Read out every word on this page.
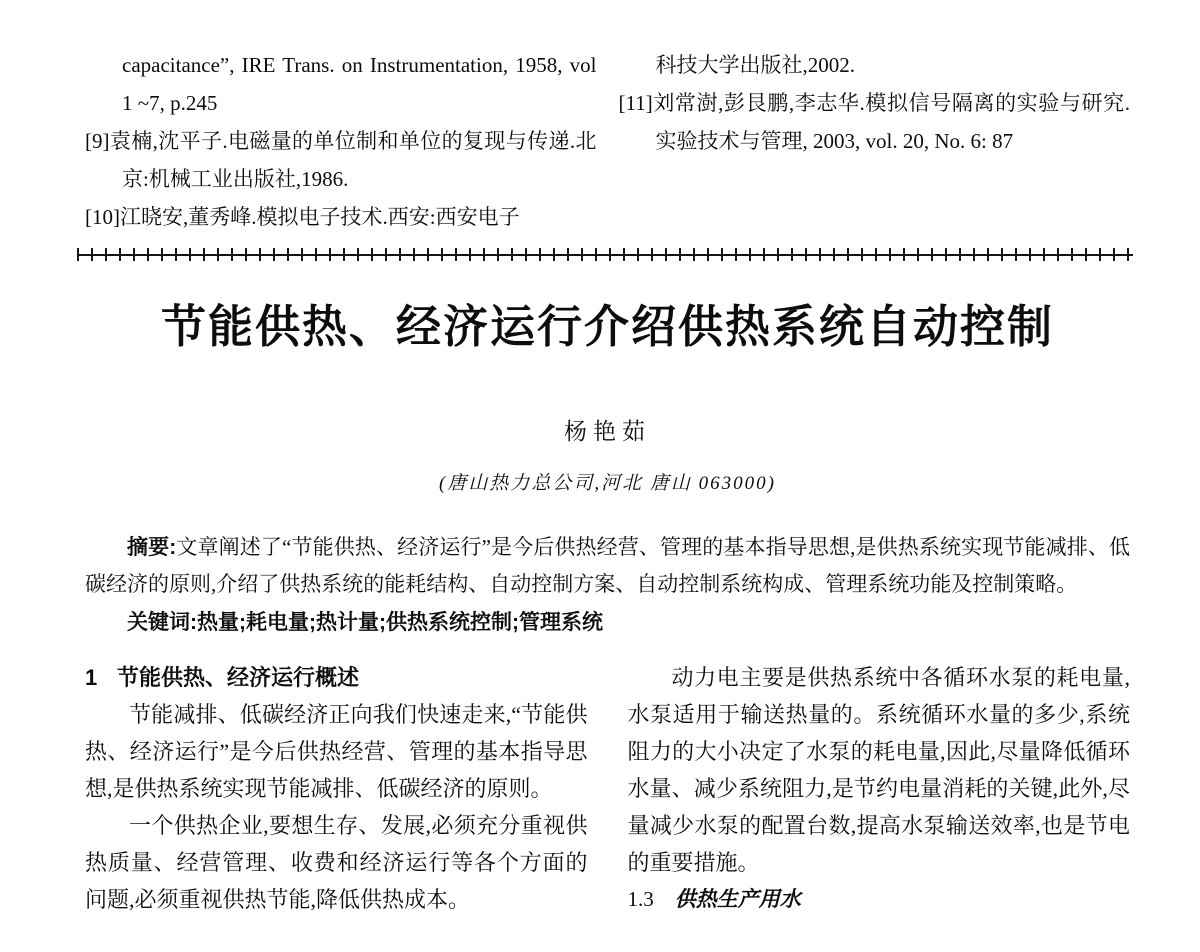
capacitance”, IRE Trans. on Instrumentation, 1958, vol 1 ~7, p.245

[9]袁楠,沈平子.电磁量的单位制和单位的复现与传递.北京:机械工业出版社,1986.

[10]江晓安,董秀峰.模拟电子技术.西安:西安电子

科技大学出版社,2002.

[11]刘常澍,彭艮鹏,李志华.模拟信号隔离的实验与研究.实验技术与管理, 2003, vol. 20, No. 6: 87

节能供热、经济运行介绍供热系统自动控制
杨艳茹
(唐山热力总公司,河北 唐山 063000)

摘要:文章阐述了“节能供热、经济运行”是今后供热经营、管理的基本指导思想,是供热系统实现节能减排、低碳经济的原则,介绍了供热系统的能耗结构、自动控制方案、自动控制系统构成、管理系统功能及控制策略。

关键词:热量;耗电量;热计量;供热系统控制;管理系统

1 节能供热、经济运行概述

节能减排、低碳经济正向我们快速走来,“节能供热、经济运行”是今后供热经营、管理的基本指导思想,是供热系统实现节能减排、低碳经济的原则。

一个供热企业,要想生存、发展,必须充分重视供热质量、经营管理、收费和经济运行等各个方面的问题,必须重视供热节能,降低供热成本。

动力电主要是供热系统中各循环水泵的耗电量,水泵适用于输送热量的。系统循环水量的多少,系统阻力的大小决定了水泵的耗电量,因此,尽量降低循环水量、减少系统阻力,是节约电量消耗的关键,此外,尽量减少水泵的配置台数,提高水泵输送效率,也是节电的重要措施。

1.3 供热生产用水
